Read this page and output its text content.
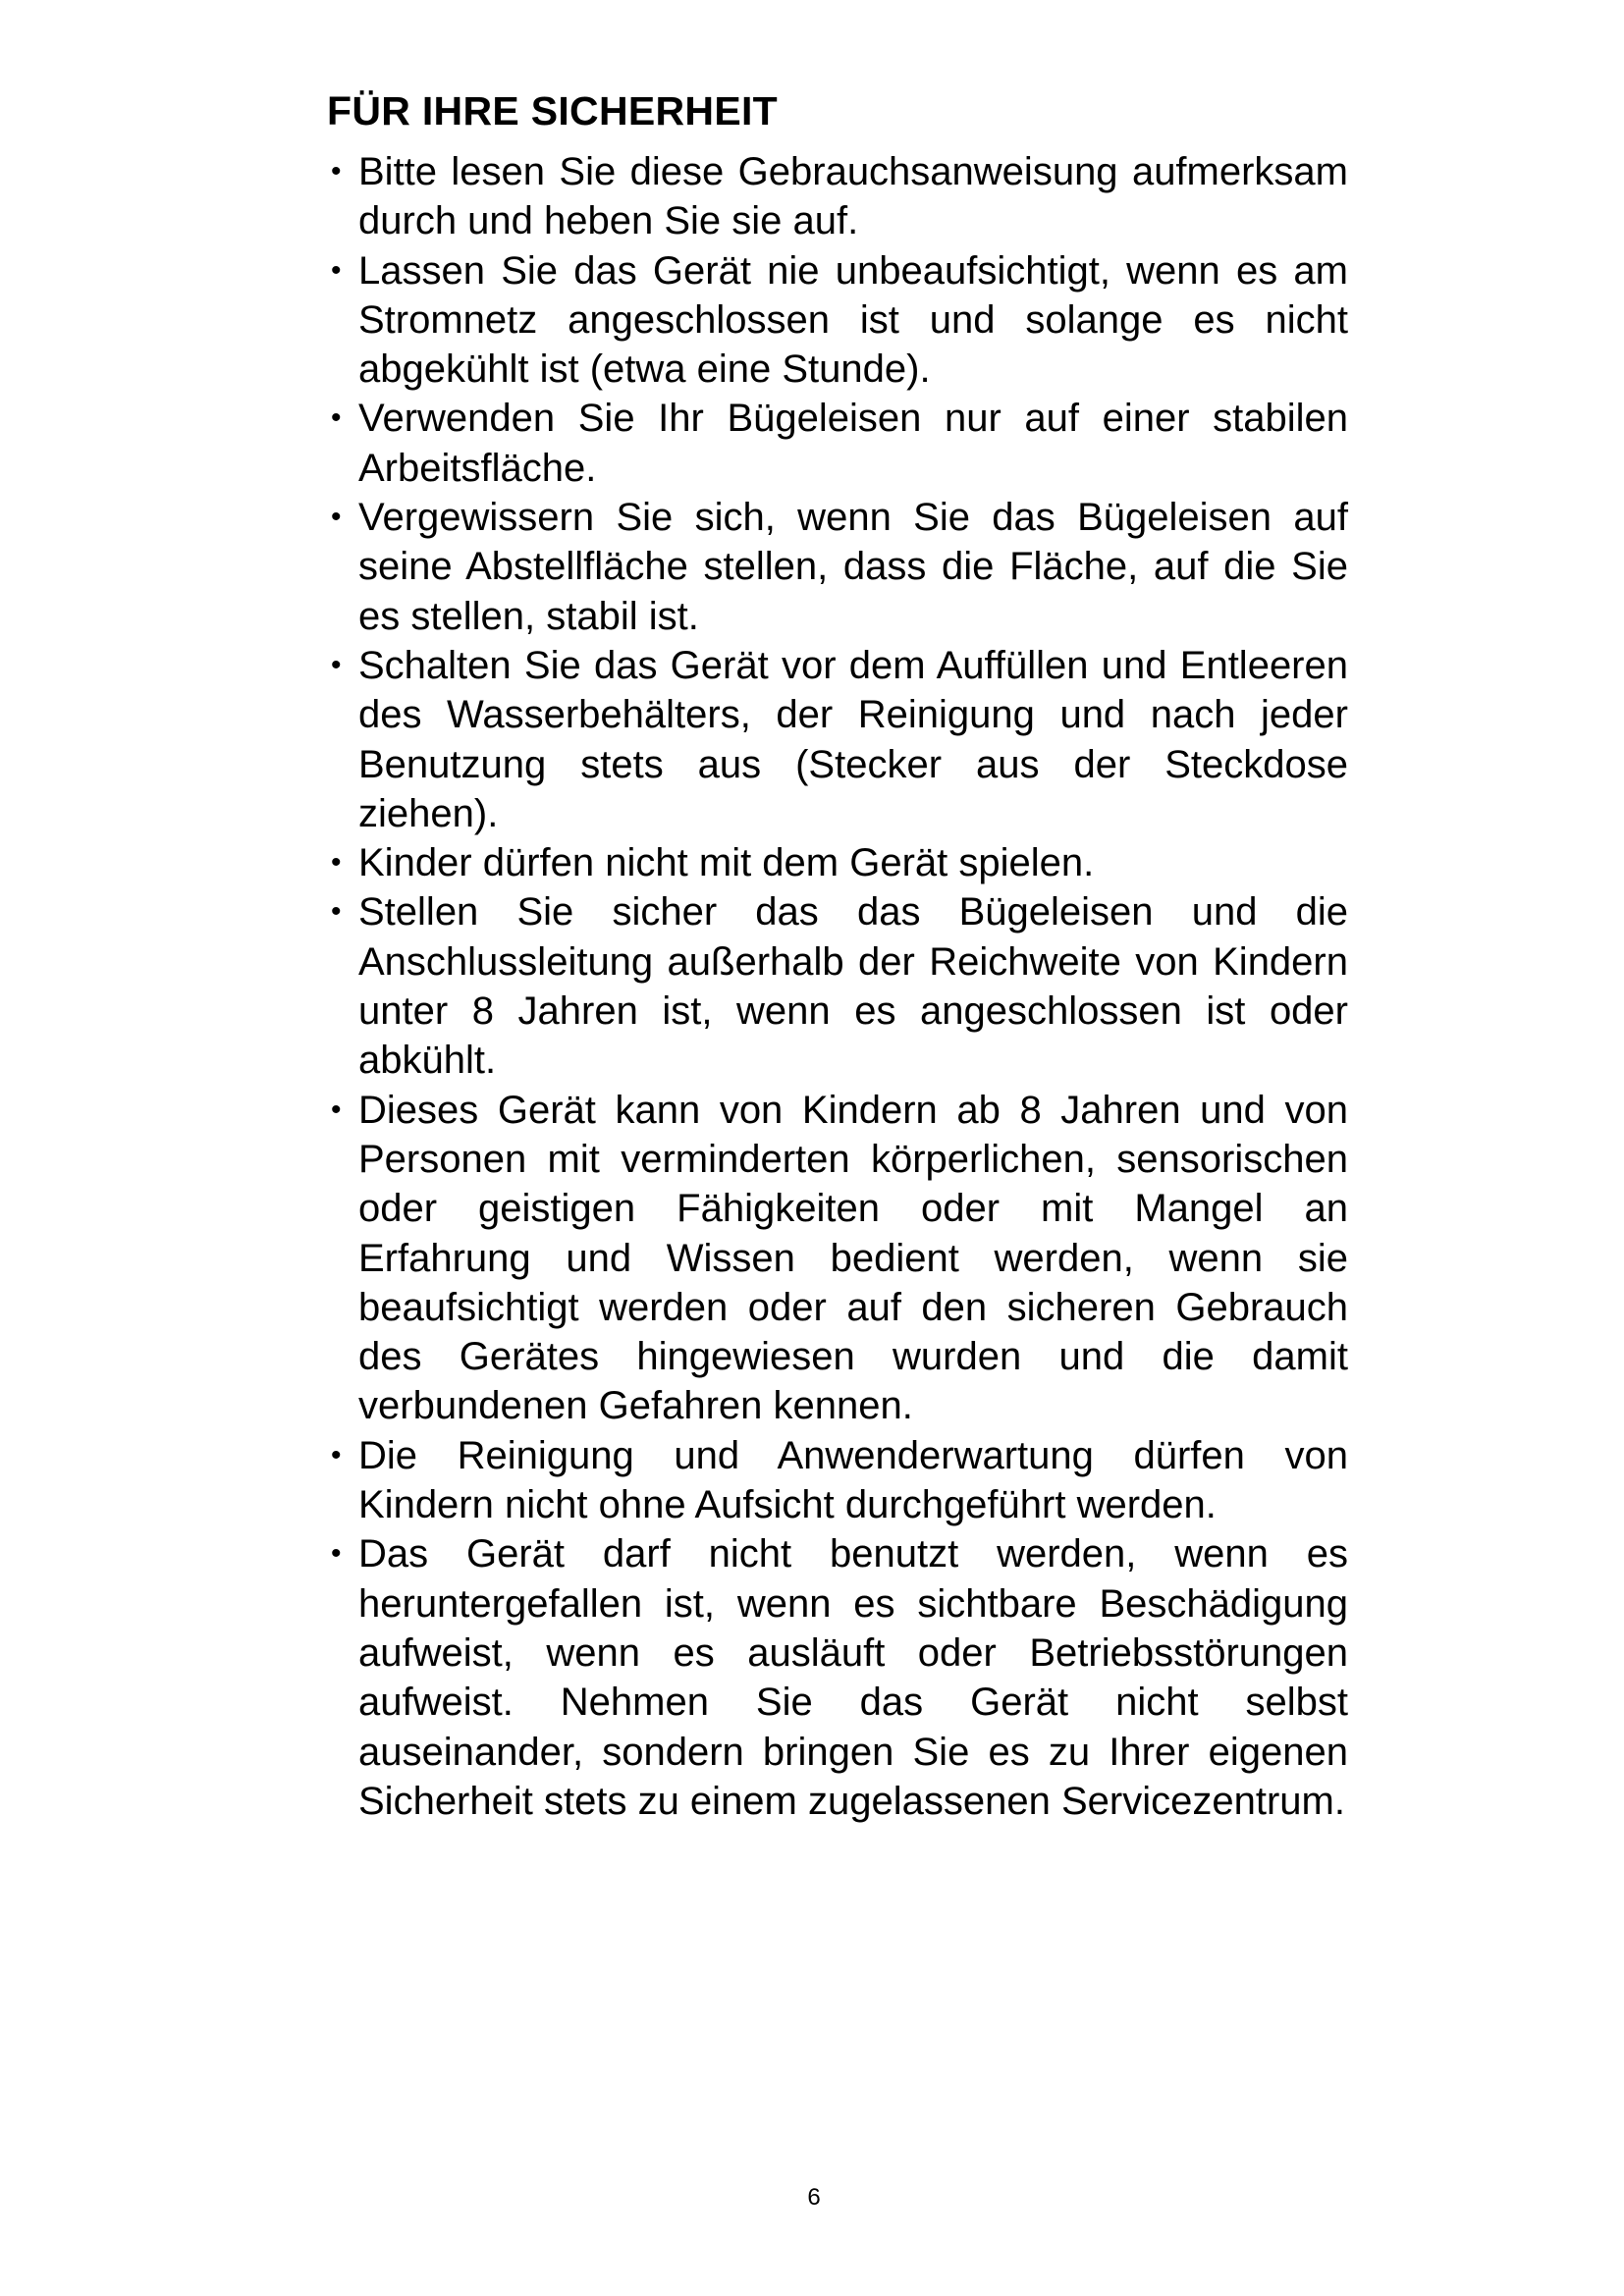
FÜR IHRE SICHERHEIT
• Bitte lesen Sie diese Gebrauchsanweisung aufmerksam durch und heben Sie sie auf.
• Lassen Sie das Gerät nie unbeaufsichtigt, wenn es am Stromnetz angeschlossen ist und solange es nicht abgekühlt ist (etwa eine Stunde).
• Verwenden Sie Ihr Bügeleisen nur auf einer stabilen Arbeitsfläche.
• Vergewissern Sie sich, wenn Sie das Bügeleisen auf seine Abstellfläche stellen, dass die Fläche, auf die Sie es stellen, stabil ist.
• Schalten Sie das Gerät vor dem Auffüllen und Entleeren des Wasserbehälters, der Reinigung und nach jeder Benutzung stets aus (Stecker aus der Steckdose ziehen).
• Kinder dürfen nicht mit dem Gerät spielen.
• Stellen Sie sicher das das Bügeleisen und die Anschlussleitung außerhalb der Reichweite von Kindern unter 8 Jahren ist, wenn es angeschlossen ist oder abkühlt.
• Dieses Gerät kann von Kindern ab 8 Jahren und von Personen mit verminderten körperlichen, sensorischen oder geistigen Fähigkeiten oder mit Mangel an Erfahrung und Wissen bedient werden, wenn sie beaufsichtigt werden oder auf den sicheren Gebrauch des Gerätes hingewiesen wurden und die damit verbundenen Gefahren kennen.
• Die Reinigung und Anwenderwartung dürfen von Kindern nicht ohne Aufsicht durchgeführt werden.
• Das Gerät darf nicht benutzt werden, wenn es heruntergefallen ist, wenn es sichtbare Beschädigung aufweist, wenn es ausläuft oder Betriebsstörungen aufweist. Nehmen Sie das Gerät nicht selbst auseinander, sondern bringen Sie es zu Ihrer eigenen Sicherheit stets zu einem zugelassenen Servicezentrum.
6
